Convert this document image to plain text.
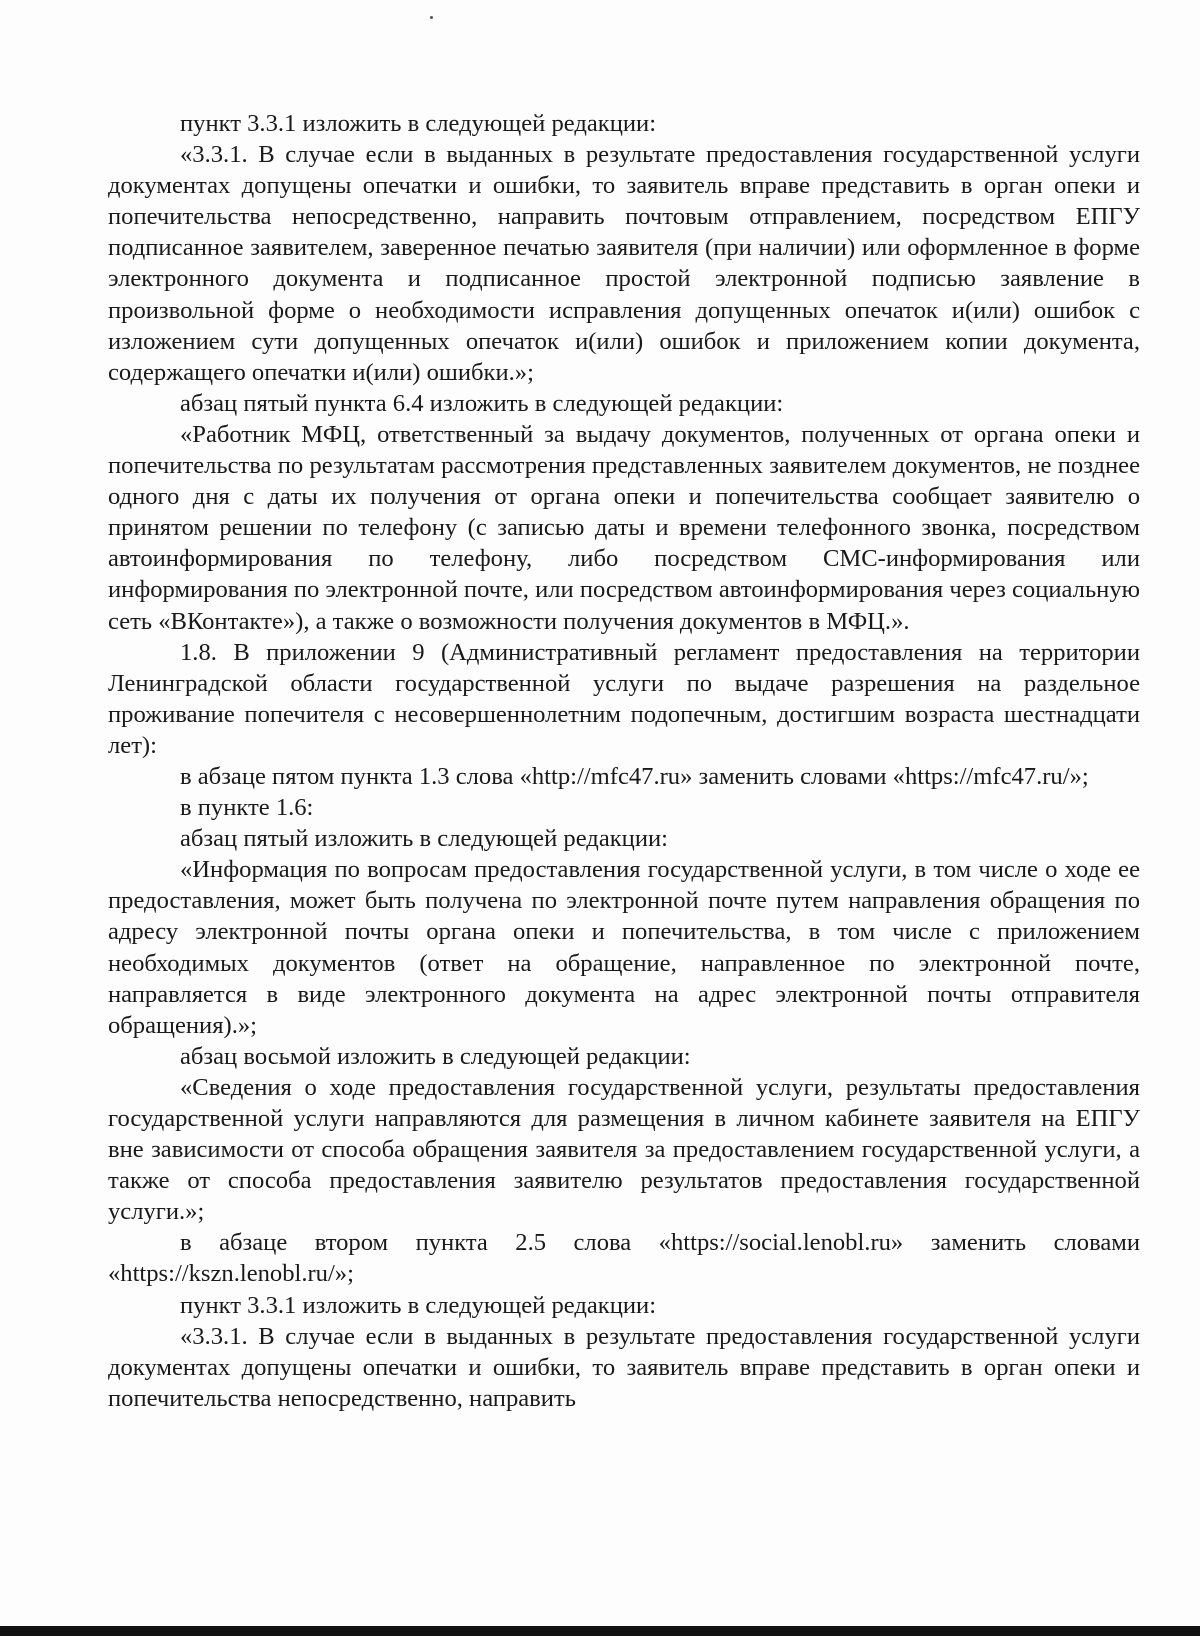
пункт 3.3.1 изложить в следующей редакции:

«3.3.1. В случае если в выданных в результате предоставления государственной услуги документах допущены опечатки и ошибки, то заявитель вправе представить в орган опеки и попечительства непосредственно, направить почтовым отправлением, посредством ЕПГУ подписанное заявителем, заверенное печатью заявителя (при наличии) или оформленное в форме электронного документа и подписанное простой электронной подписью заявление в произвольной форме о необходимости исправления допущенных опечаток и(или) ошибок с изложением сути допущенных опечаток и(или) ошибок и приложением копии документа, содержащего опечатки и(или) ошибки.»;

абзац пятый пункта 6.4 изложить в следующей редакции:

«Работник МФЦ, ответственный за выдачу документов, полученных от органа опеки и попечительства по результатам рассмотрения представленных заявителем документов, не позднее одного дня с даты их получения от органа опеки и попечительства сообщает заявителю о принятом решении по телефону (с записью даты и времени телефонного звонка, посредством автоинформирования по телефону, либо посредством СМС-информирования или информирования по электронной почте, или посредством автоинформирования через социальную сеть «ВКонтакте»), а также о возможности получения документов в МФЦ.».

1.8. В приложении 9 (Административный регламент предоставления на территории Ленинградской области государственной услуги по выдаче разрешения на раздельное проживание попечителя с несовершеннолетним подопечным, достигшим возраста шестнадцати лет):

в абзаце пятом пункта 1.3 слова «http://mfc47.ru» заменить словами «https://mfc47.ru/»;

в пункте 1.6:

абзац пятый изложить в следующей редакции:

«Информация по вопросам предоставления государственной услуги, в том числе о ходе ее предоставления, может быть получена по электронной почте путем направления обращения по адресу электронной почты органа опеки и попечительства, в том числе с приложением необходимых документов (ответ на обращение, направленное по электронной почте, направляется в виде электронного документа на адрес электронной почты отправителя обращения).»;

абзац восьмой изложить в следующей редакции:

«Сведения о ходе предоставления государственной услуги, результаты предоставления государственной услуги направляются для размещения в личном кабинете заявителя на ЕПГУ вне зависимости от способа обращения заявителя за предоставлением государственной услуги, а также от способа предоставления заявителю результатов предоставления государственной услуги.»;

в абзаце втором пункта 2.5 слова «https://social.lenobl.ru» заменить словами «https://kszn.lenobl.ru/»;

пункт 3.3.1 изложить в следующей редакции:

«3.3.1. В случае если в выданных в результате предоставления государственной услуги документах допущены опечатки и ошибки, то заявитель вправе представить в орган опеки и попечительства непосредственно, направить
